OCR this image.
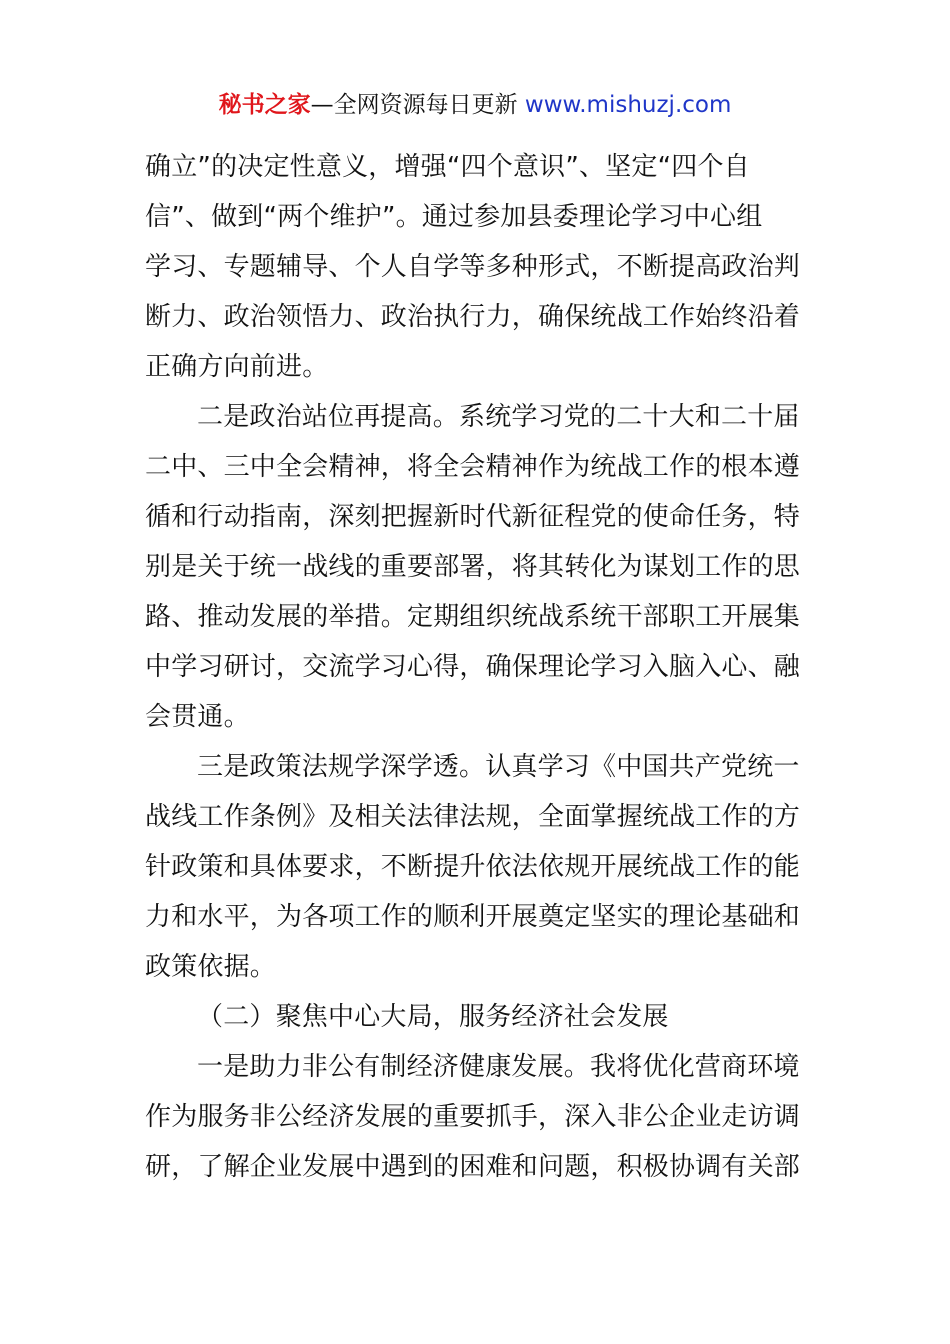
秘书之家—全网资源每日更新 www.mishuzj.com
确立”的决定性意义，增强“四个意识”、坚定“四个自
信”、做到“两个维护”。通过参加县委理论学习中心组
学习、专题辅导、个人自学等多种形式，不断提高政治判
断力、政治领悟力、政治执行力，确保统战工作始终沿着
正确方向前进。
二是政治站位再提高。系统学习党的二十大和二十届
二中、三中全会精神，将全会精神作为统战工作的根本遵
循和行动指南，深刻把握新时代新征程党的使命任务，特
别是关于统一战线的重要部署，将其转化为谋划工作的思
路、推动发展的举措。定期组织统战系统干部职工开展集
中学习研讨，交流学习心得，确保理论学习入脑入心、融
会贯通。
三是政策法规学深学透。认真学习《中国共产党统一
战线工作条例》及相关法律法规，全面掌握统战工作的方
针政策和具体要求，不断提升依法依规开展统战工作的能
力和水平，为各项工作的顺利开展奠定坚实的理论基础和
政策依据。
（二）聚焦中心大局，服务经济社会发展
一是助力非公有制经济健康发展。我将优化营商环境
作为服务非公经济发展的重要抓手，深入非公企业走访调
研，了解企业发展中遇到的困难和问题，积极协调有关部
